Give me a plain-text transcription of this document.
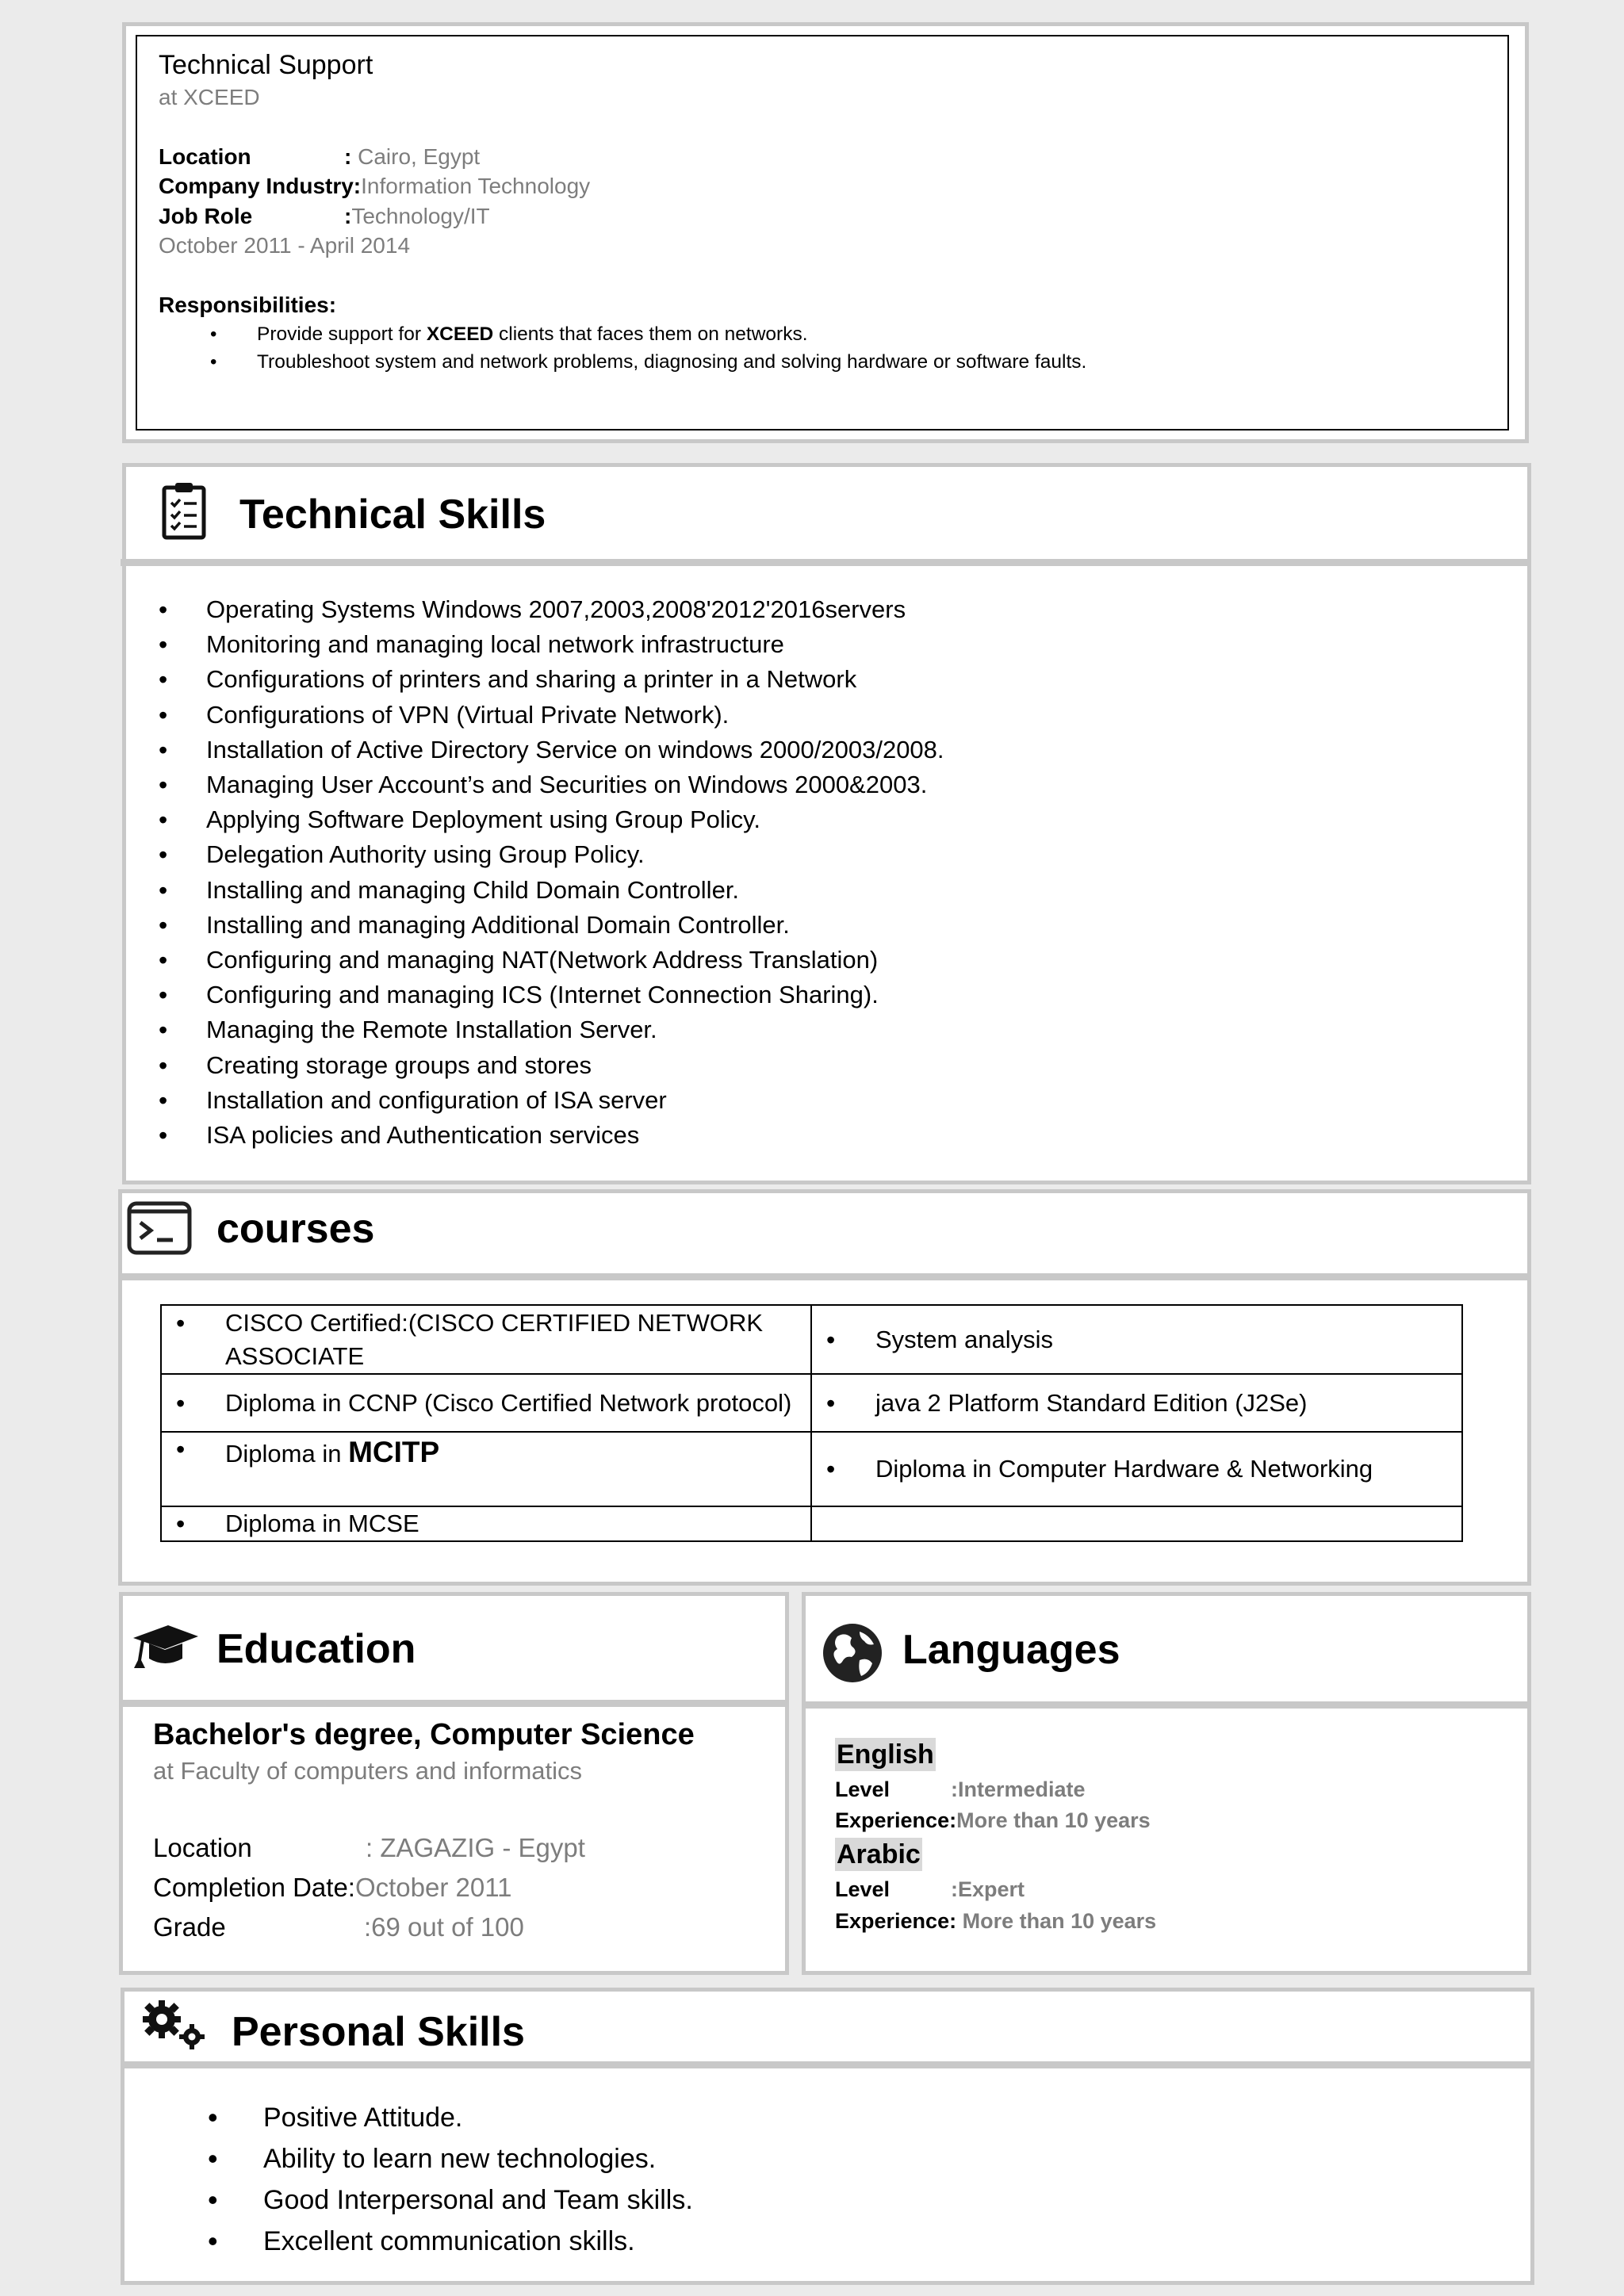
Technical Support
at XCEED
Location	: Cairo, Egypt
Company Industry:Information Technology
Job Role	:Technology/IT
October 2011 - April 2014
Responsibilities:
• Provide support for XCEED clients that faces them on networks.
• Troubleshoot system and network problems, diagnosing and solving hardware or software faults.
Technical Skills
• Operating Systems Windows 2007,2003,2008'2012'2016servers
• Monitoring and managing local network infrastructure
• Configurations of printers and sharing a printer in a Network
• Configurations of VPN (Virtual Private Network).
• Installation of Active Directory Service on windows 2000/2003/2008.
• Managing User Account’s and Securities on Windows 2000&2003.
• Applying Software Deployment using Group Policy.
• Delegation Authority using Group Policy.
• Installing and managing Child Domain Controller.
• Installing and managing Additional Domain Controller.
• Configuring and managing NAT(Network Address Translation)
• Configuring and managing ICS (Internet Connection Sharing).
• Managing the Remote Installation Server.
• Creating storage groups and stores
• Installation and configuration of ISA server
• ISA policies and Authentication services
courses
• CISCO Certified:(CISCO CERTIFIED NETWORK ASSOCIATE	• System analysis

• Diploma in CCNP (Cisco Certified Network protocol)	• java 2 Platform Standard Edition (J2Se)

• Diploma in MCITP	• Diploma in Computer Hardware & Networking

• Diploma in MCSE

Education
Bachelor's degree, Computer Science
at Faculty of computers and informatics
Location	: ZAGAZIG - Egypt
Completion Date:October 2011
Grade	:69 out of 100
Languages
English
Level	:Intermediate
Experience:More than 10 years
Arabic
Level	:Expert
Experience: More than 10 years
Personal Skills
• Positive Attitude.
• Ability to learn new technologies.
• Good Interpersonal and Team skills.
• Excellent communication skills.
